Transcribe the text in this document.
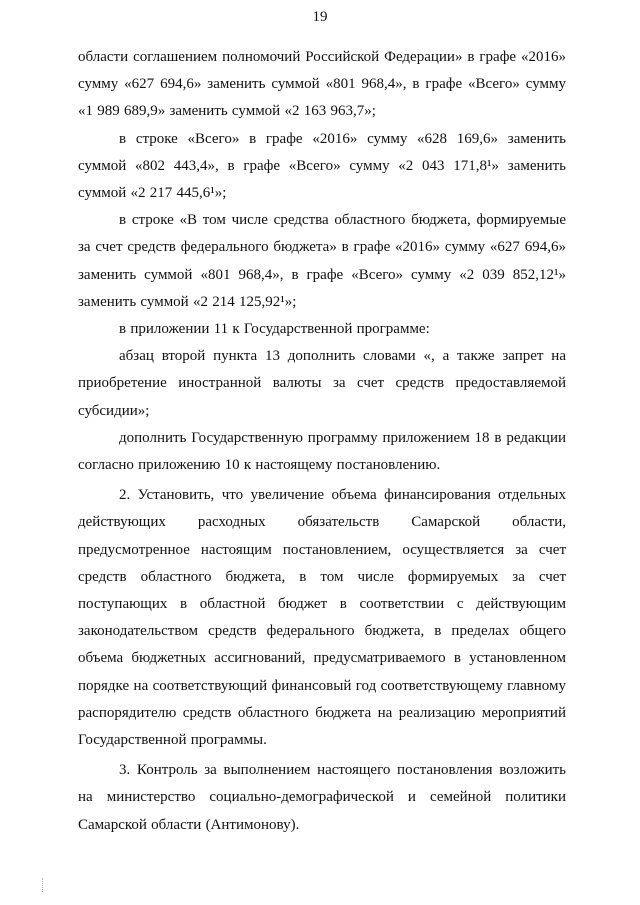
19

области соглашением полномочий Российской Федерации» в графе «2016» сумму «627 694,6» заменить суммой «801 968,4», в графе «Всего» сумму «1 989 689,9» заменить суммой «2 163 963,7»;

в строке «Всего» в графе «2016» сумму «628 169,6» заменить суммой «802 443,4», в графе «Всего» сумму «2 043 171,8¹» заменить суммой «2 217 445,6¹»;

в строке «В том числе средства областного бюджета, формируемые за счет средств федерального бюджета» в графе «2016» сумму «627 694,6» заменить суммой «801 968,4», в графе «Всего» сумму «2 039 852,12¹» заменить суммой «2 214 125,92¹»;

в приложении 11 к Государственной программе:

абзац второй пункта 13 дополнить словами «, а также запрет на приобретение иностранной валюты за счет средств предоставляемой субсидии»;

дополнить Государственную программу приложением 18 в редакции согласно приложению 10 к настоящему постановлению.

2. Установить, что увеличение объема финансирования отдельных действующих расходных обязательств Самарской области, предусмотренное настоящим постановлением, осуществляется за счет средств областного бюджета, в том числе формируемых за счет поступающих в областной бюджет в соответствии с действующим законодательством средств федерального бюджета, в пределах общего объема бюджетных ассигнований, предусматриваемого в установленном порядке на соответствующий финансовый год соответствующему главному распорядителю средств областного бюджета на реализацию мероприятий Государственной программы.

3. Контроль за выполнением настоящего постановления возложить на министерство социально-демографической и семейной политики Самарской области (Антимонову).
